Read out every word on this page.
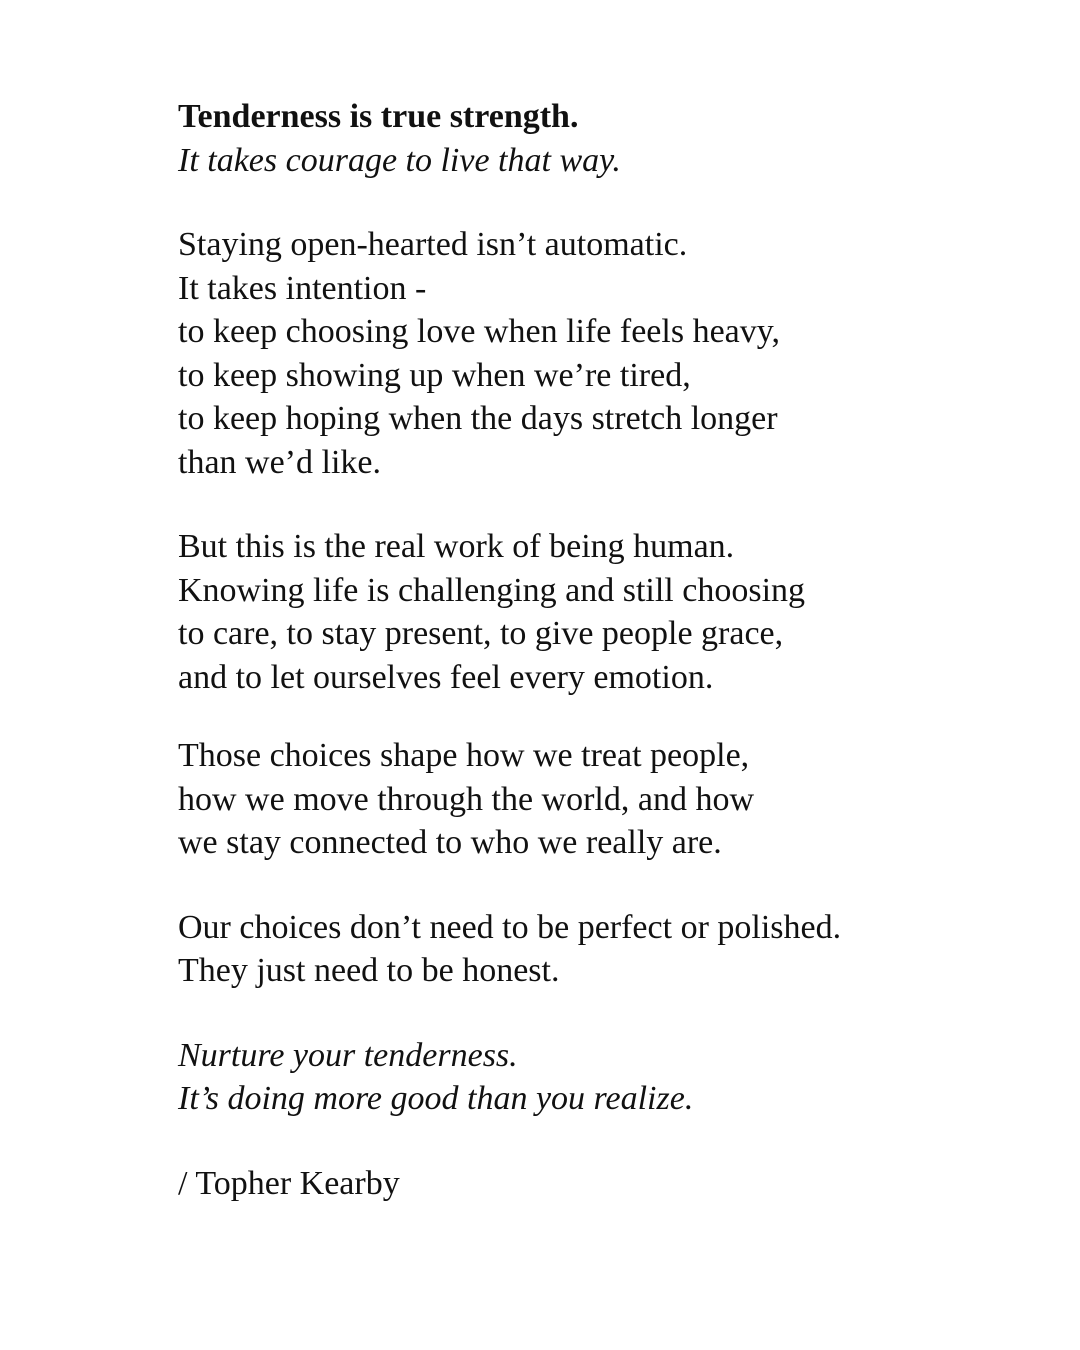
Tenderness is true strength.
It takes courage to live that way.

Staying open-hearted isn’t automatic.
It takes intention -
to keep choosing love when life feels heavy,
to keep showing up when we’re tired,
to keep hoping when the days stretch longer
than we’d like.

But this is the real work of being human.
Knowing life is challenging and still choosing
to care, to stay present, to give people grace,
and to let ourselves feel every emotion.

Those choices shape how we treat people,
how we move through the world, and how
we stay connected to who we really are.

Our choices don’t need to be perfect or polished.
They just need to be honest.

Nurture your tenderness.
It’s doing more good than you realize.

/ Topher Kearby
